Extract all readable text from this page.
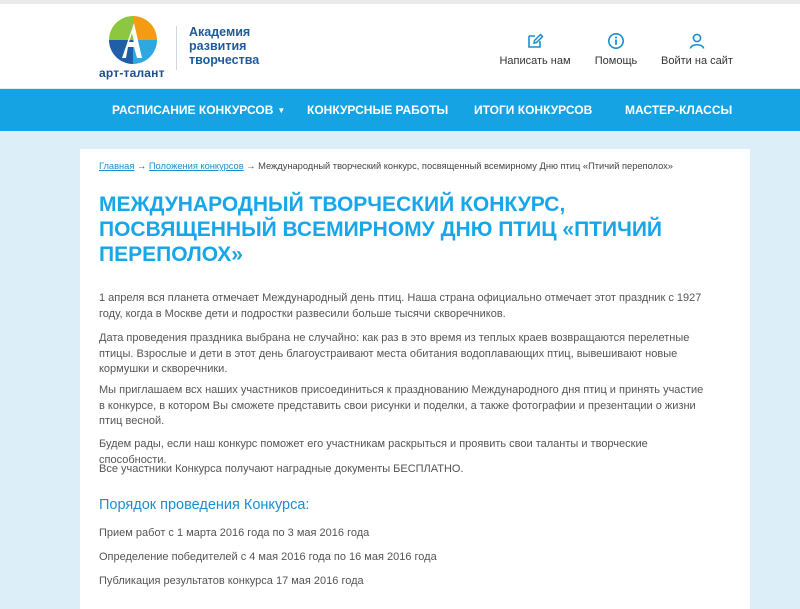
арт-талант
Академия
развития
творчества	Написать нам	Помощь	Войти на сайт
РАСПИСАНИЕ КОНКУРСОВ ▼ КОНКУРСНЫЕ РАБОТЫ ИТОГИ КОНКУРСОВ	МАСТЕР-КЛАССЫ
Главная → Положения конкурсов → Международный творческий конкурс, посвященный всемирному Дню птиц «Птичий переполох»
МЕЖДУНАРОДНЫЙ ТВОРЧЕСКИЙ КОНКУРС, ПОСВЯЩЕННЫЙ ВСЕМИРНОМУ ДНЮ ПТИЦ «ПТИЧИЙ ПЕРЕПОЛОХ»

1 апреля вся планета отмечает Международный день птиц. Наша страна официально отмечает этот праздник с 1927 году, когда в Москве дети и подростки развесили больше тысячи скворечников.

Дата проведения праздника выбрана не случайно: как раз в это время из теплых краев возвращаются перелетные птицы. Взрослые и дети в этот день благоустраивают места обитания водоплавающих птиц, вывешивают новые кормушки и скворечники.

Мы приглашаем всх наших участников присоединиться к празднованию Международного дня птиц и принять участие в конкурсе, в котором Вы сможете представить свои рисунки и поделки, а также фотографии и презентации о жизни птиц весной.

Будем рады, если наш конкурс поможет его участникам раскрыться и проявить свои таланты и творческие способности.

Все участники Конкурса получают наградные документы БЕСПЛАТНО.

Порядок проведения Конкурса:

Прием работ с 1 марта 2016 года по 3 мая 2016 года

Определение победителей с 4 мая 2016 года по 16 мая 2016 года

Публикация результатов конкурса 17 мая 2016 года
